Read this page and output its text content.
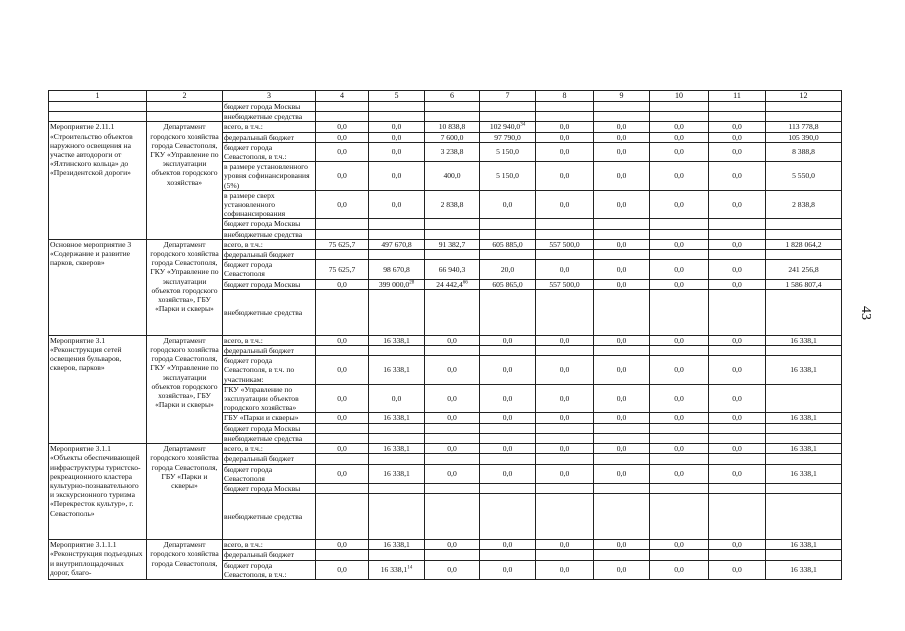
1	2	3	4	5	6	7	8	9	10	11	12
		бюджет города Москвы									
		внебюджетные средства									
Мероприятие 2.11.1 «Строительство объектов наружного освещения на участке автодороги от «Ялтинского кольца» до «Президентской дороги»	Департамент городского хозяйства города Севастополя, ГКУ «Управление по эксплуатации объектов городского хозяйства»	всего, в т.ч.:	0,0	0,0	10 838,8	102 940,0$^{34}$	0,0	0,0	0,0	0,0	113 778,8
		федеральный бюджет	0,0	0,0	7 600,0	97 790,0	0,0	0,0	0,0	0,0	105 390,0
		бюджет города Севастополя, в т.ч.:	0,0	0,0	3 238,8	5 150,0	0,0	0,0	0,0	0,0	8 388,8
		в размере установленного уровня софинансирования (5%)	0,0	0,0	400,0	5 150,0	0,0	0,0	0,0	0,0	5 550,0
		в размере сверх установленного софинансирования	0,0	0,0	2 838,8	0,0	0,0	0,0	0,0	0,0	2 838,8
		бюджет города Москвы									
		внебюджетные средства									
Основное мероприятие 3 «Содержание и развитие парков, скверов»	Департамент городского хозяйства города Севастополя, ГКУ «Управление по эксплуатации объектов городского хозяйства», ГБУ «Парки и скверы»	всего, в т.ч.:	75 625,7	497 670,8	91 382,7	605 885,0	557 500,0	0,0	0,0	0,0	1 828 064,2
		федеральный бюджет									
		бюджет города Севастополя	75 625,7	98 670,8	66 940,3	20,0	0,0	0,0	0,0	0,0	241 256,8
		бюджет города Москвы	0,0	399 000,0$^{28}$	24 442,4$^{66}$	605 865,0	557 500,0	0,0	0,0	0,0	1 586 807,4
		внебюджетные средства									
Мероприятие 3.1 «Реконструкция сетей освещения бульваров, скверов, парков»	Департамент городского хозяйства города Севастополя, ГКУ «Управление по эксплуатации объектов городского хозяйства», ГБУ «Парки и скверы»	всего, в т.ч.:	0,0	16 338,1	0,0	0,0	0,0	0,0	0,0	0,0	16 338,1
		федеральный бюджет									
		бюджет города Севастополя, в т.ч. по участникам:	0,0	16 338,1	0,0	0,0	0,0	0,0	0,0	0,0	16 338,1
		ГКУ «Управление по эксплуатации объектов городского хозяйства»	0,0	0,0	0,0	0,0	0,0	0,0	0,0	0,0	
		ГБУ «Парки и скверы»	0,0	16 338,1	0,0	0,0	0,0	0,0	0,0	0,0	16 338,1
		бюджет города Москвы									
		внебюджетные средства									
Мероприятие 3.1.1 «Объекты обеспечивающей инфраструктуры туристско-рекреационного кластера культурно-познавательного и экскурсионного туризма «Перекресток культур», г. Севастополь»	Департамент городского хозяйства города Севастополя, ГБУ «Парки и скверы»	всего, в т.ч.:	0,0	16 338,1	0,0	0,0	0,0	0,0	0,0	0,0	16 338,1
		федеральный бюджет									
		бюджет города Севастополя	0,0	16 338,1	0,0	0,0	0,0	0,0	0,0	0,0	16 338,1
		бюджет города Москвы									
		внебюджетные средства									
Мероприятие 3.1.1.1 «Реконструкция подъездных и внутриплощадочных дорог, благо-	Департамент городского хозяйства города Севастополя,	всего, в т.ч.:	0,0	16 338,1	0,0	0,0	0,0	0,0	0,0	0,0	16 338,1
		федеральный бюджет									
		бюджет города Севастополя, в т.ч.:	0,0	16 338,1$^{14}$	0,0	0,0	0,0	0,0	0,0	0,0	16 338,1
43
